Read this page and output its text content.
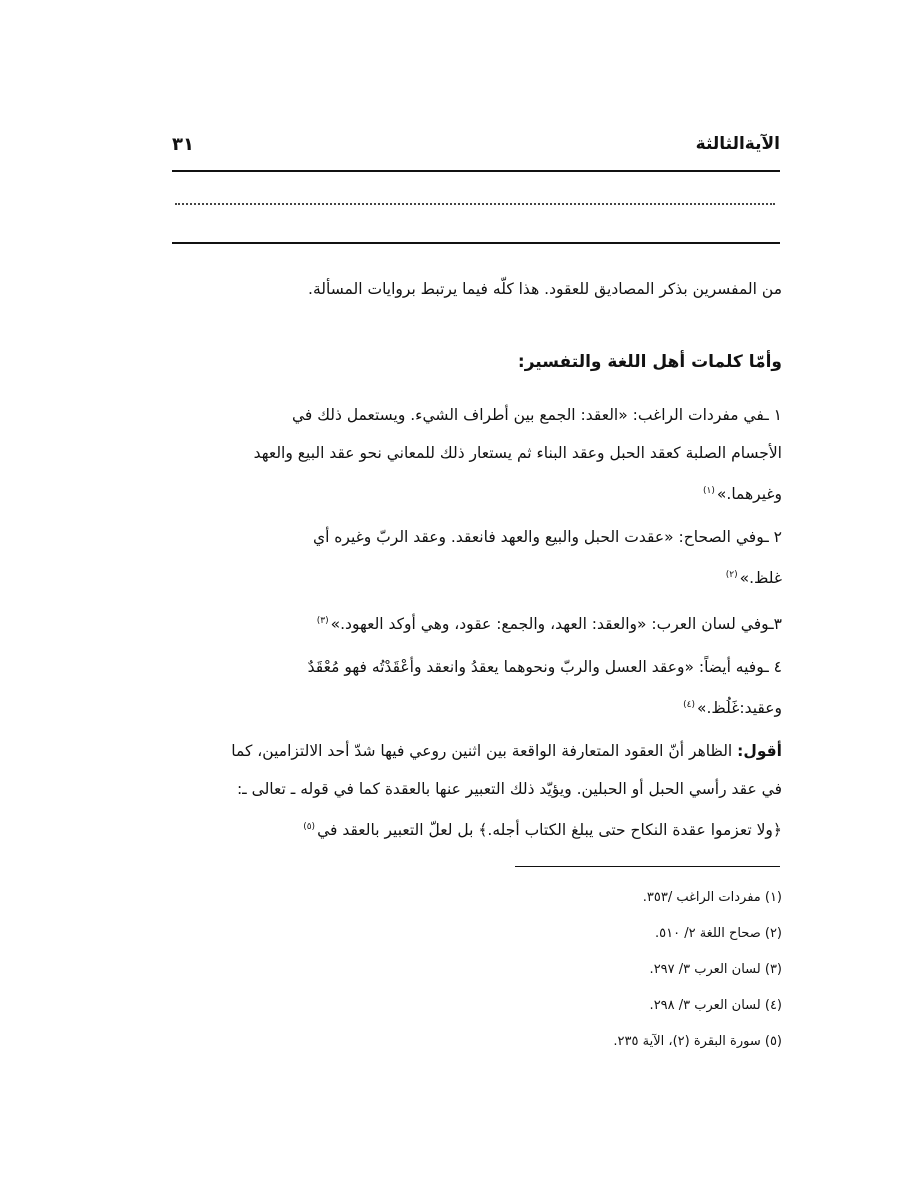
الآيةالثالثة
٣١
من المفسرين بذكر المصاديق للعقود. هذا كلّه فيما يرتبط بروايات المسألة.
وأمّا كلمات أهل اللغة والتفسير:
١ ـفي مفردات الراغب: «العقد: الجمع بين أطراف الشيء. ويستعمل ذلك في
الأجسام الصلبة كعقد الحبل وعقد البناء ثم يستعار ذلك للمعاني نحو عقد البيع والعهد
وغيرهما.»$^{(١)}$
٢ ـوفي الصحاح: «عقدت الحبل والبيع والعهد فانعقد. وعقد الربّ وغيره أي
غلظ.»$^{(٢)}$
٣ـوفي لسان العرب: «والعقد: العهد، والجمع: عقود، وهي أوكد العهود.»$^{(٣)}$
٤ ـوفيه أيضاً: «وعقد العسل والربّ ونحوهما يعقدُ وانعقد وأعْقَدْتُه فهو مُعْقَدٌ
وعقيد:غَلُظ.»$^{(٤)}$
أقول: الظاهر أنّ العقود المتعارفة الواقعة بين اثنين روعي فيها شدّ أحد الالتزامين، كما
في عقد رأسي الحبل أو الحبلين. ويؤيّد ذلك التعبير عنها بالعقدة كما في قوله ـ تعالى ـ:
﴿ولا تعزموا عقدة النكاح حتى يبلغ الكتاب أجله.﴾ بل لعلّ التعبير بالعقد في$^{(٥)}$
(١) مفردات الراغب /٣٥٣.
(٢) صحاح اللغة ٢/ ٥١٠.
(٣) لسان العرب ٣/ ٢٩٧.
(٤) لسان العرب ٣/ ٢٩٨.
(٥) سورة البقرة (٢)، الآية ٢٣٥.
